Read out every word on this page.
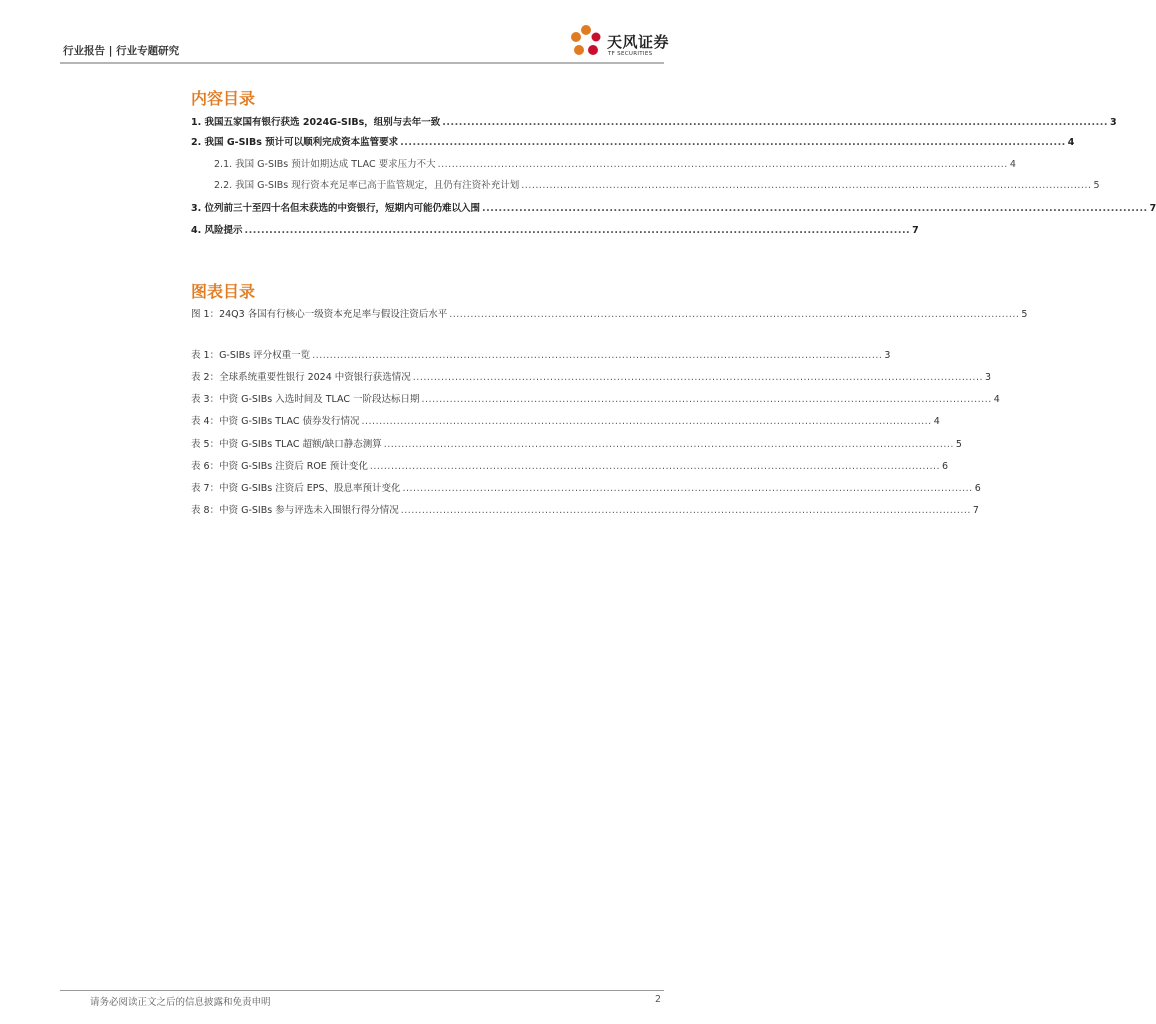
行业报告 | 行业专题研究	天风证券
TF SECURITIES
内容目录
1. 我国五家国有银行获选 2024G-SIBs，组别与去年一致 .................................................................................................................................................................. 3
2. 我国 G-SIBs 预计可以顺利完成资本监管要求 .................................................................................................................................................................. 4
2.1. 我国 G-SIBs 预计如期达成 TLAC 要求压力不大 .................................................................................................................................................................. 4
2.2. 我国 G-SIBs 现行资本充足率已高于监管规定，且仍有注资补充计划 .................................................................................................................................................................. 5
3. 位列前三十至四十名但未获选的中资银行，短期内可能仍难以入围 .................................................................................................................................................................. 7
4. 风险提示 .................................................................................................................................................................. 7
图表目录
图 1：24Q3 各国有行核心一级资本充足率与假设注资后水平 .................................................................................................................................................................. 5
表 1：G-SIBs 评分权重一览 .................................................................................................................................................................. 3
表 2：全球系统重要性银行 2024 中资银行获选情况 .................................................................................................................................................................. 3
表 3：中资 G-SIBs 入选时间及 TLAC 一阶段达标日期 .................................................................................................................................................................. 4
表 4：中资 G-SIBs TLAC 债券发行情况 .................................................................................................................................................................. 4
表 5：中资 G-SIBs TLAC 超额/缺口静态测算 .................................................................................................................................................................. 5
表 6：中资 G-SIBs 注资后 ROE 预计变化 .................................................................................................................................................................. 6
表 7：中资 G-SIBs 注资后 EPS、股息率预计变化 .................................................................................................................................................................. 6
表 8：中资 G-SIBs 参与评选未入围银行得分情况 .................................................................................................................................................................. 7
请务必阅读正文之后的信息披露和免责申明	2
